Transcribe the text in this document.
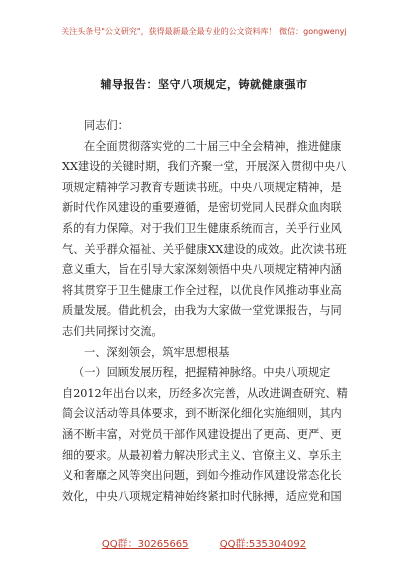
关注头条号"公文研究"，获得最新最全最专业的公文资料库！ 微信：gongwenyj
辅导报告：坚守八项规定，铸就健康强市
同志们：
在全面贯彻落实党的二十届三中全会精神，推进健康
XX建设的关键时期，我们齐聚一堂，开展深入贯彻中央八
项规定精神学习教育专题读书班。中央八项规定精神，是
新时代作风建设的重要遵循，是密切党同人民群众血肉联
系的有力保障。对于我们卫生健康系统而言，关乎行业风
气、关乎群众福祉、关乎健康XX建设的成效。此次读书班
意义重大，旨在引导大家深刻领悟中央八项规定精神内涵
将其贯穿于卫生健康工作全过程，以优良作风推动事业高
质量发展。借此机会，由我为大家做一堂党课报告，与同
志们共同探讨交流。
一、深刻领会，筑牢思想根基
（一）回顾发展历程，把握精神脉络。中央八项规定
自2012年出台以来，历经多次完善，从改进调查研究、精
简会议活动等具体要求，到不断深化细化实施细则，其内
涵不断丰富，对党员干部作风建设提出了更高、更严、更
细的要求。从最初着力解决形式主义、官僚主义、享乐主
义和奢靡之风等突出问题，到如今推动作风建设常态化长
效化，中央八项规定精神始终紧扣时代脉搏，适应党和国
QQ群：30265665	QQ群:535304092
